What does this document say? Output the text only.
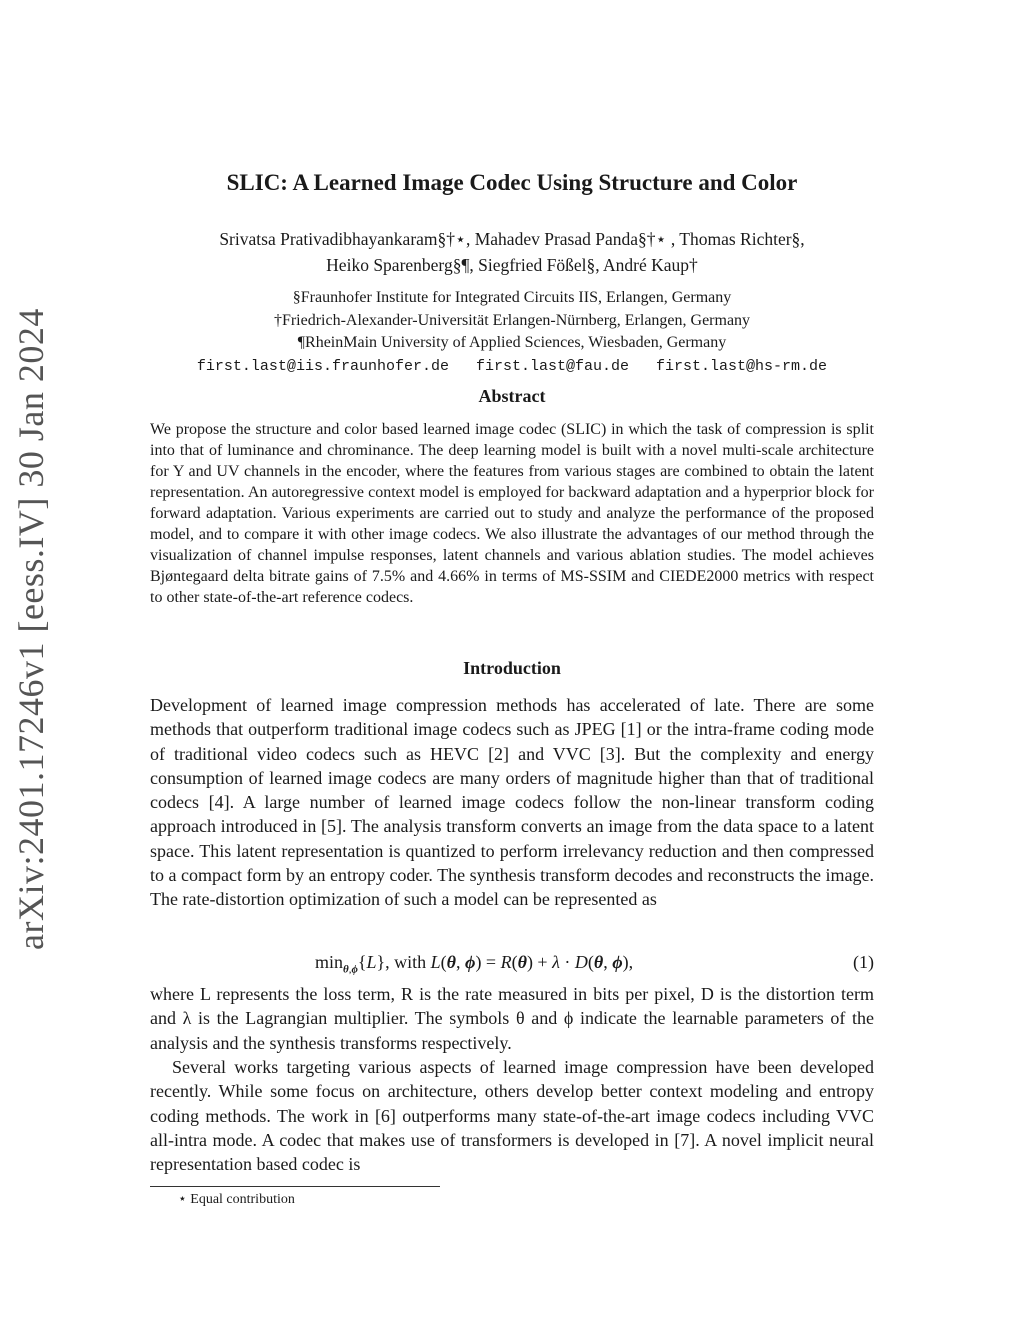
arXiv:2401.17246v1 [eess.IV] 30 Jan 2024
SLIC: A Learned Image Codec Using Structure and Color
Srivatsa Prativadibhayankaram§†⋆, Mahadev Prasad Panda§†⋆ , Thomas Richter§,
Heiko Sparenberg§¶, Siegfried Fößel§, André Kaup†
§Fraunhofer Institute for Integrated Circuits IIS, Erlangen, Germany
†Friedrich-Alexander-Universität Erlangen-Nürnberg, Erlangen, Germany
¶RheinMain University of Applied Sciences, Wiesbaden, Germany
first.last@iis.fraunhofer.de first.last@fau.de first.last@hs-rm.de
Abstract

We propose the structure and color based learned image codec (SLIC) in which the task of compression is split into that of luminance and chrominance. The deep learning model is built with a novel multi-scale architecture for Y and UV channels in the encoder, where the features from various stages are combined to obtain the latent representation. An autoregressive context model is employed for backward adaptation and a hyperprior block for forward adaptation. Various experiments are carried out to study and analyze the performance of the proposed model, and to compare it with other image codecs. We also illustrate the advantages of our method through the visualization of channel impulse responses, latent channels and various ablation studies. The model achieves Bjøntegaard delta bitrate gains of 7.5% and 4.66% in terms of MS-SSIM and CIEDE2000 metrics with respect to other state-of-the-art reference codecs.

Introduction

Development of learned image compression methods has accelerated of late. There are some methods that outperform traditional image codecs such as JPEG [1] or the intra-frame coding mode of traditional video codecs such as HEVC [2] and VVC [3]. But the complexity and energy consumption of learned image codecs are many orders of magnitude higher than that of traditional codecs [4]. A large number of learned image codecs follow the non-linear transform coding approach introduced in [5]. The analysis transform converts an image from the data space to a latent space. This latent representation is quantized to perform irrelevancy reduction and then compressed to a compact form by an entropy coder. The synthesis transform decodes and reconstructs the image. The rate-distortion optimization of such a model can be represented as

$\min_{\theta,\phi}\{L\}$, with L(θ, ϕ) = R(θ) + λ · D(θ, ϕ),	(1)

where L represents the loss term, R is the rate measured in bits per pixel, D is the distortion term and λ is the Lagrangian multiplier. The symbols θ and ϕ indicate the learnable parameters of the analysis and the synthesis transforms respectively.

Several works targeting various aspects of learned image compression have been developed recently. While some focus on architecture, others develop better context modeling and entropy coding methods. The work in [6] outperforms many state-of-the-art image codecs including VVC all-intra mode. A codec that makes use of transformers is developed in [7]. A novel implicit neural representation based codec is

⋆ Equal contribution
